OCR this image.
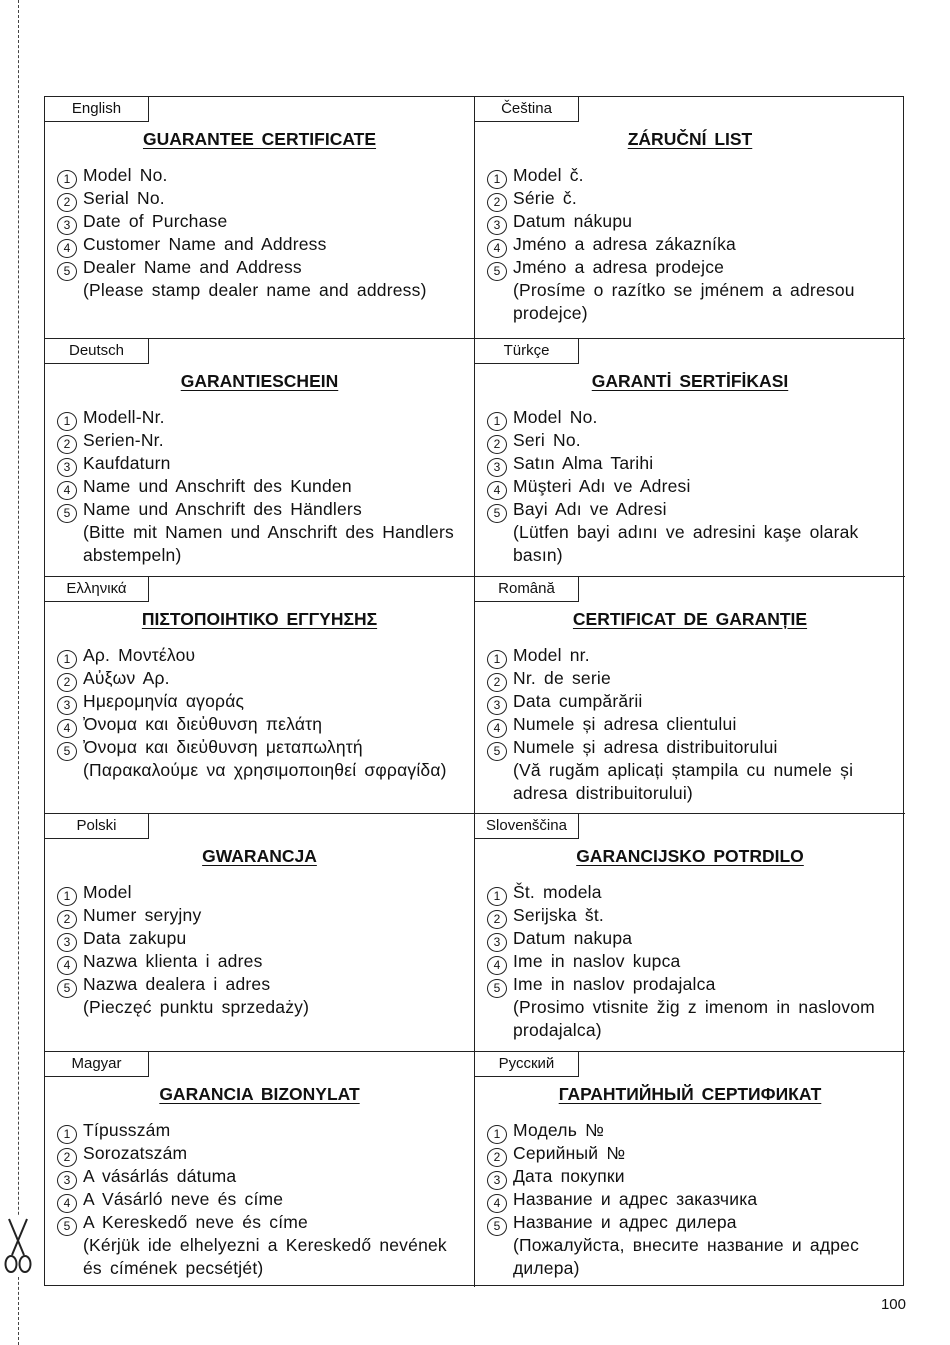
English
GUARANTEE CERTIFICATE
1 Model No.
2 Serial No.
3 Date of Purchase
4 Customer Name and Address
5 Dealer Name and Address
(Please stamp dealer name and address)
Čeština
ZÁRUČNÍ LIST
1 Model č.
2 Série č.
3 Datum nákupu
4 Jméno a adresa zákazníka
5 Jméno a adresa prodejce
(Prosíme o razítko se jménem a adresou prodejce)
Deutsch
GARANTIESCHEIN
1 Modell-Nr.
2 Serien-Nr.
3 Kaufdaturn
4 Name und Anschrift des Kunden
5 Name und Anschrift des Händlers
(Bitte mit Namen und Anschrift des Handlers abstempeln)
Türkçe
GARANTİ SERTİFİKASI
1 Model No.
2 Seri No.
3 Satın Alma Tarihi
4 Müşteri Adı ve Adresi
5 Bayi Adı ve Adresi
(Lütfen bayi adını ve adresini kaşe olarak basın)
Ελληνικά
ΠΙΣΤΟΠΟΙΗΤΙΚΟ ΕΓΓΥΗΣΗΣ
1 Αρ. Μοντέλου
2 Αὐξων Αρ.
3 Ημερομηνία αγοράς
4 Ὀνομα και διεὐθυνση πελάτη
5 Ὀνομα και διεὐθυνση μεταπωλητή
(Παρακαλούμε να χρησιμοποιηθεί σφραγίδα)
Română
CERTIFICAT DE GARANȚIE
1 Model nr.
2 Nr. de serie
3 Data cumpărării
4 Numele și adresa clientului
5 Numele și adresa distribuitorului
(Vă rugăm aplicați ștampila cu numele și adresa distribuitorului)
Polski
GWARANCJA
1 Model
2 Numer seryjny
3 Data zakupu
4 Nazwa klienta i adres
5 Nazwa dealera i adres
(Pieczęć punktu sprzedaży)
Slovenščina
GARANCIJSKO POTRDILO
1 Št. modela
2 Serijska št.
3 Datum nakupa
4 Ime in naslov kupca
5 Ime in naslov prodajalca
(Prosimo vtisnite žig z imenom in naslovom prodajalca)
Magyar
GARANCIA BIZONYLAT
1 Típusszám
2 Sorozatszám
3 A vásárlás dátuma
4 A Vásárló neve és címe
5 A Kereskedő neve és címe
(Kérjük ide elhelyezni a Kereskedő nevének és címének pecsétjét)
Русский
ГАРАНТИЙНЫЙ СЕРТИФИКАТ
1 Модель №
2 Серийный №
3 Дата покупки
4 Название и адрес заказчика
5 Название и адрес дилера
(Пожалуйста, внесите название и адрес дилера)
100
